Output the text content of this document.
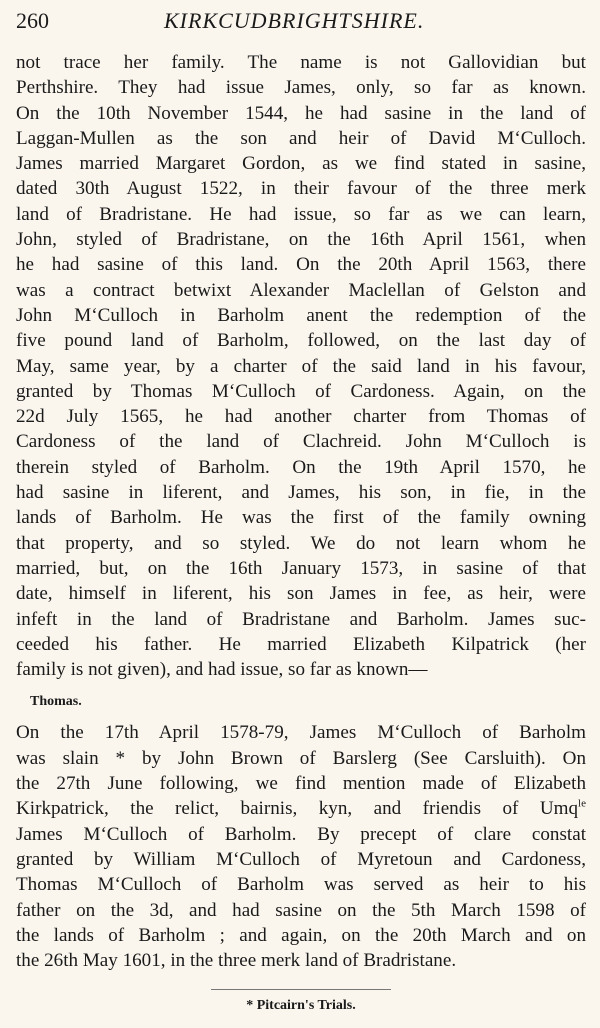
260	KIRKCUDBRIGHTSHIRE.

not trace her family. The name is not Gallovidian but
Perthshire. They had issue James, only, so far as known.
On the 10th November 1544, he had sasine in the land of
Laggan-Mullen as the son and heir of David M‘Culloch.
James married Margaret Gordon, as we find stated in sasine,
dated 30th August 1522, in their favour of the three merk
land of Bradristane. He had issue, so far as we can learn,
John, styled of Bradristane, on the 16th April 1561, when
he had sasine of this land. On the 20th April 1563, there
was a contract betwixt Alexander Maclellan of Gelston and
John M‘Culloch in Barholm anent the redemption of the
five pound land of Barholm, followed, on the last day of
May, same year, by a charter of the said land in his favour,
granted by Thomas M‘Culloch of Cardoness. Again, on the
22d July 1565, he had another charter from Thomas of
Cardoness of the land of Clachreid. John M‘Culloch is
therein styled of Barholm. On the 19th April 1570, he
had sasine in liferent, and James, his son, in fie, in the
lands of Barholm. He was the first of the family owning
that property, and so styled. We do not learn whom he
married, but, on the 16th January 1573, in sasine of that
date, himself in liferent, his son James in fee, as heir, were
infeft in the land of Bradristane and Barholm. James suc-
ceeded his father. He married Elizabeth Kilpatrick (her
family is not given), and had issue, so far as known—

Thomas.

On the 17th April 1578-79, James M‘Culloch of Barholm
was slain * by John Brown of Barslerg (See Carsluith). On
the 27th June following, we find mention made of Elizabeth
Kirkpatrick, the relict, bairnis, kyn, and friendis of Umq$^{le}$
James M‘Culloch of Barholm. By precept of clare constat
granted by William M‘Culloch of Myretoun and Cardoness,
Thomas M‘Culloch of Barholm was served as heir to his
father on the 3d, and had sasine on the 5th March 1598 of
the lands of Barholm ; and again, on the 20th March and on
the 26th May 1601, in the three merk land of Bradristane.

* Pitcairn's Trials.
